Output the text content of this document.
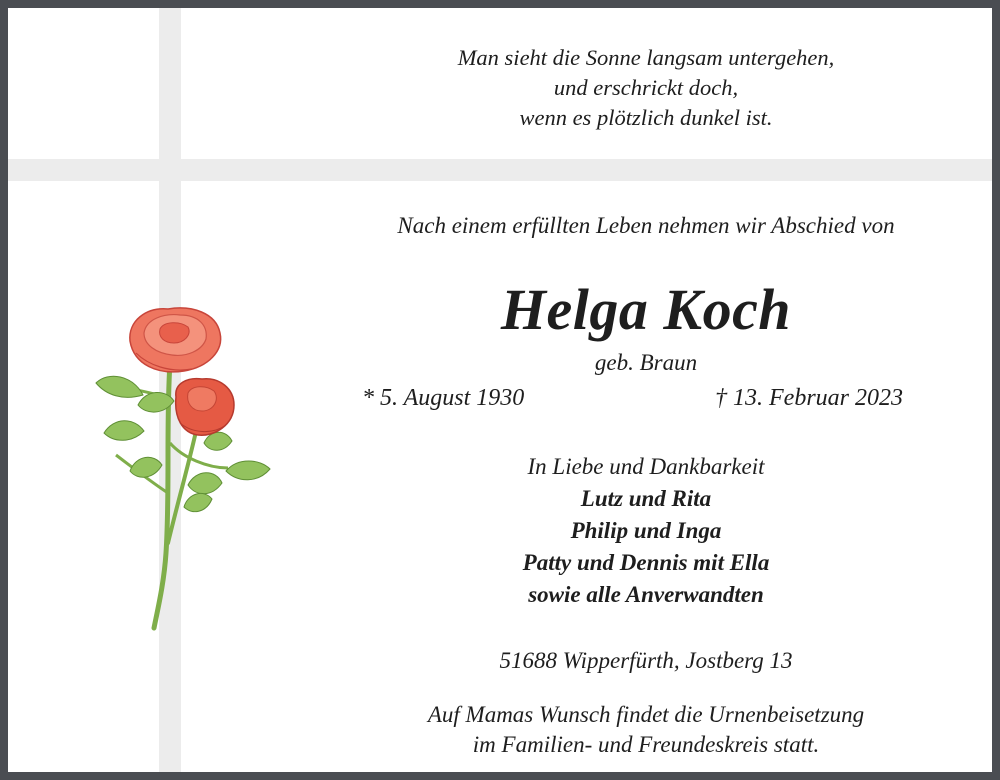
Man sieht die Sonne langsam untergehen,
und erschrickt doch,
wenn es plötzlich dunkel ist.
Nach einem erfüllten Leben nehmen wir Abschied von
Helga Koch
geb. Braun
* 5. August 1930	† 13. Februar 2023
In Liebe und Dankbarkeit
Lutz und Rita
Philip und Inga
Patty und Dennis mit Ella
sowie alle Anverwandten
51688 Wipperfürth, Jostberg 13
Auf Mamas Wunsch findet die Urnenbeisetzung
im Familien- und Freundeskreis statt.
